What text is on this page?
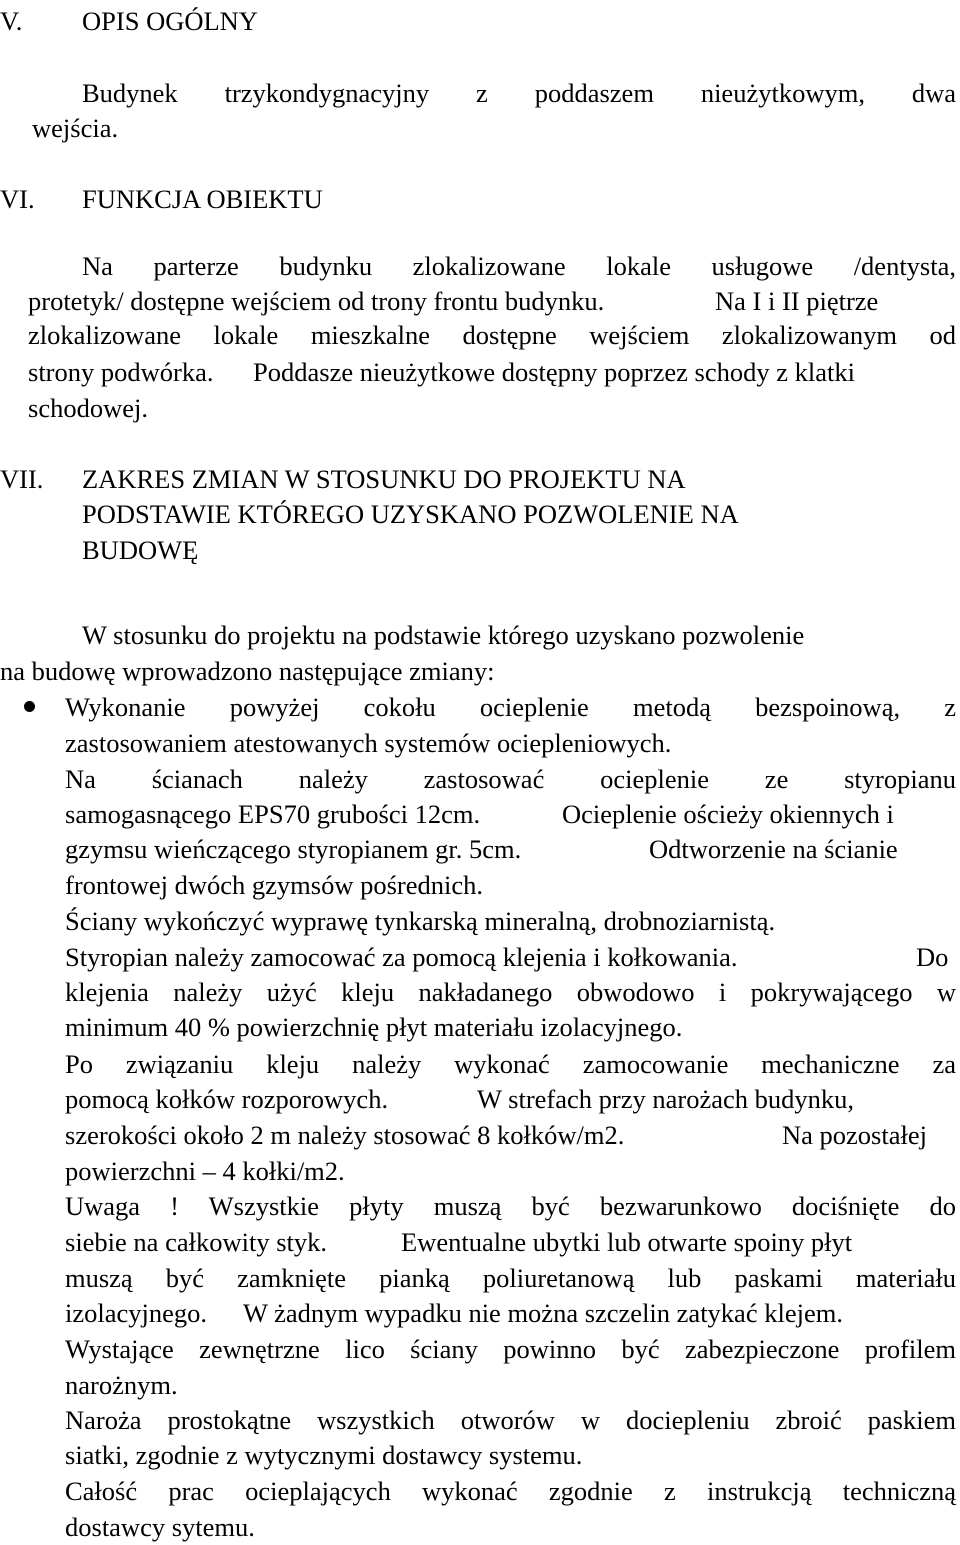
V. OPIS OGÓLNY
Budynek trzykondygnacyjny z poddaszem nieużytkowym, dwa
wejścia.
VI. FUNKCJA OBIEKTU
Na parterze budynku zlokalizowane lokale usługowe /dentysta,
protetyk/ dostępne wejściem od trony frontu budynku.	Na I i II piętrze
zlokalizowane lokale mieszkalne dostępne wejściem zlokalizowanym od
strony podwórka. Poddasze nieużytkowe dostępny poprzez schody z klatki
schodowej.
VII. ZAKRES ZMIAN W STOSUNKU DO PROJEKTU NA
PODSTAWIE KTÓREGO UZYSKANO POZWOLENIE NA
BUDOWĘ
W stosunku do projektu na podstawie którego uzyskano pozwolenie
na budowę wprowadzono następujące zmiany:
Wykonanie powyżej cokołu ocieplenie metodą bezspoinową, z
zastosowaniem atestowanych systemów ociepleniowych.
Na ścianach należy zastosować ocieplenie ze styropianu
samogasnącego EPS70 grubości 12cm.	Ocieplenie ościeży okiennych i
gzymsu wieńczącego styropianem gr. 5cm.	Odtworzenie na ścianie
frontowej dwóch gzymsów pośrednich.
Ściany wykończyć wyprawę tynkarską mineralną, drobnoziarnistą.
Styropian należy zamocować za pomocą klejenia i kołkowania.	Do
klejenia należy użyć kleju nakładanego obwodowo i pokrywającego w
minimum 40 % powierzchnię płyt materiału izolacyjnego.
Po związaniu kleju należy wykonać zamocowanie mechaniczne za
pomocą kołków rozporowych.	W strefach przy narożach budynku,
szerokości około 2 m należy stosować 8 kołków/m2.	Na pozostałej
powierzchni – 4 kołki/m2.
Uwaga ! Wszystkie płyty muszą być bezwarunkowo dociśnięte do
siebie na całkowity styk.	Ewentualne ubytki lub otwarte spoiny płyt
muszą być zamknięte pianką poliuretanową lub paskami materiału
izolacyjnego. W żadnym wypadku nie można szczelin zatykać klejem.
Wystające zewnętrzne lico ściany powinno być zabezpieczone profilem
narożnym.
Naroża prostokątne wszystkich otworów w dociepleniu zbroić paskiem
siatki, zgodnie z wytycznymi dostawcy systemu.
Całość prac ocieplających wykonać zgodnie z instrukcją techniczną
dostawcy sytemu.
